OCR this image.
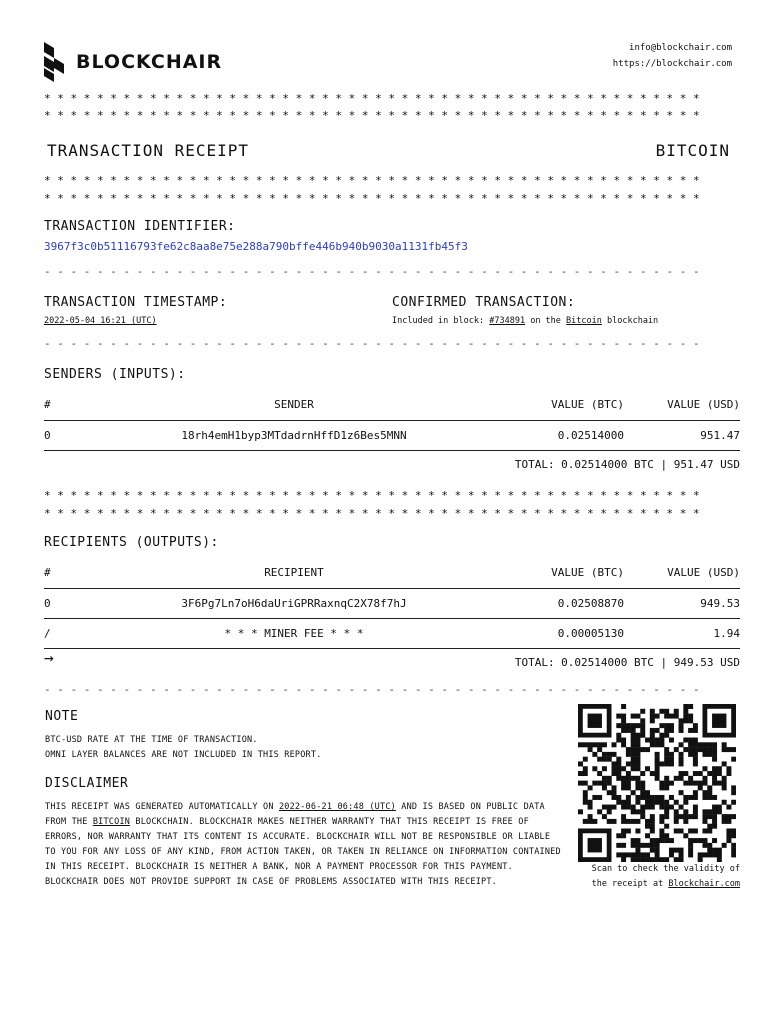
BLOCKCHAIR
info@blockchair.com
https://blockchair.com
* * * * * * * * * * * * * * * * * * * * * * * * * * * * * * * * * * * * * * * * * * * * * * * * * *
* * * * * * * * * * * * * * * * * * * * * * * * * * * * * * * * * * * * * * * * * * * * * * * * * *
TRANSACTION RECEIPT	BITCOIN
* * * * * * * * * * * * * * * * * * * * * * * * * * * * * * * * * * * * * * * * * * * * * * * * * *
* * * * * * * * * * * * * * * * * * * * * * * * * * * * * * * * * * * * * * * * * * * * * * * * * *
TRANSACTION IDENTIFIER:
3967f3c0b51116793fe62c8aa8e75e288a790bffe446b940b9030a1131fb45f3
- - - - - - - - - - - - - - - - - - - - - - - - - - - - - - - - - - - - - - - - - - - - - - - - - -
TRANSACTION TIMESTAMP:
2022-05-04 16:21 (UTC)
CONFIRMED TRANSACTION:
Included in block: #734891 on the Bitcoin blockchain
- - - - - - - - - - - - - - - - - - - - - - - - - - - - - - - - - - - - - - - - - - - - - - - - - -
SENDERS (INPUTS):
#	SENDER	VALUE (BTC)	VALUE (USD)
0	18rh4emH1byp3MTdadrnHffD1z6Bes5MNN	0.02514000	951.47
TOTAL: 0.02514000 BTC | 951.47 USD
* * * * * * * * * * * * * * * * * * * * * * * * * * * * * * * * * * * * * * * * * * * * * * * * * *
* * * * * * * * * * * * * * * * * * * * * * * * * * * * * * * * * * * * * * * * * * * * * * * * * *
RECIPIENTS (OUTPUTS):
#	RECIPIENT	VALUE (BTC)	VALUE (USD)
0	3F6Pg7Ln7oH6daUriGPRRaxnqC2X78f7hJ	0.02508870	949.53
/	* * * MINER FEE * * *	0.00005130	1.94
→	TOTAL: 0.02514000 BTC | 949.53 USD
- - - - - - - - - - - - - - - - - - - - - - - - - - - - - - - - - - - - - - - - - - - - - - - - - -
NOTE
BTC-USD RATE AT THE TIME OF TRANSACTION.
OMNI LAYER BALANCES ARE NOT INCLUDED IN THIS REPORT.
DISCLAIMER
THIS RECEIPT WAS GENERATED AUTOMATICALLY ON 2022-06-21 06:48 (UTC) AND IS BASED ON PUBLIC DATA FROM THE BITCOIN BLOCKCHAIN. BLOCKCHAIR MAKES NEITHER WARRANTY THAT THIS RECEIPT IS FREE OF ERRORS, NOR WARRANTY THAT ITS CONTENT IS ACCURATE. BLOCKCHAIR WILL NOT BE RESPONSIBLE OR LIABLE TO YOU FOR ANY LOSS OF ANY KIND, FROM ACTION TAKEN, OR TAKEN IN RELIANCE ON INFORMATION CONTAINED IN THIS RECEIPT. BLOCKCHAIR IS NEITHER A BANK, NOR A PAYMENT PROCESSOR FOR THIS PAYMENT. BLOCKCHAIR DOES NOT PROVIDE SUPPORT IN CASE OF PROBLEMS ASSOCIATED WITH THIS RECEIPT.
Scan to check the validity of
the receipt at Blockchair.com
